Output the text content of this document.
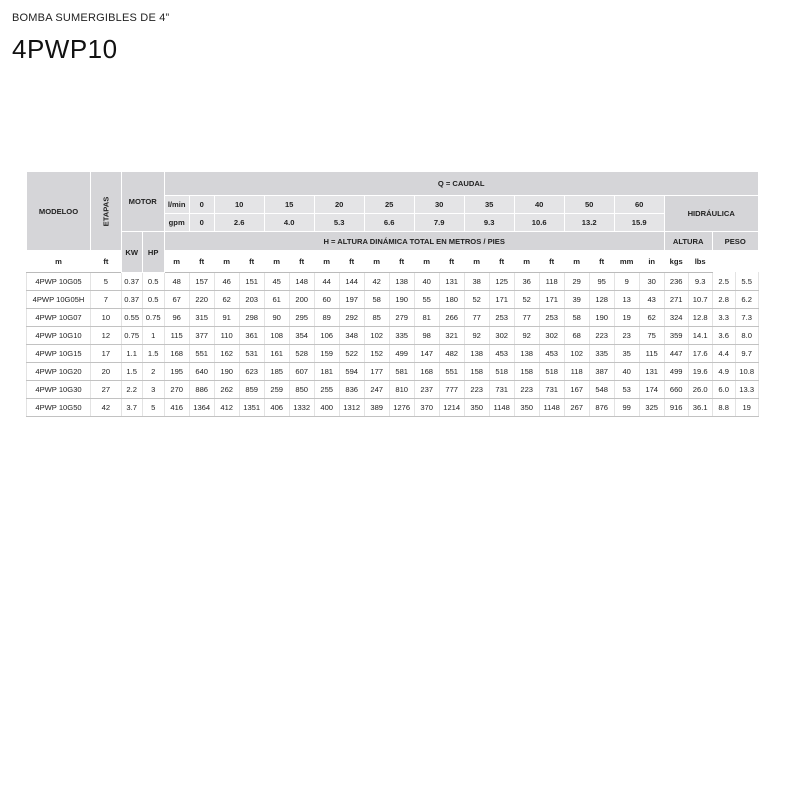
BOMBA SUMERGIBLES DE 4”
4PWP10
MODELOO	ETAPAS	MOTOR		Q = CAUDAL																							
				l/min	0	10		15		20		25		30		35		40		50		60		HIDRÁULICA			
				gpm	0	2.6		4.0		5.3		6.6		7.9		9.3		10.6		13.2		15.9					
		KW	HP	H = ALTURA DINÁMICA TOTAL EN METROS / PIES																				ALTURA		PESO	
m	ft			m	ft	m	ft	m	ft	m	ft	m	ft	m	ft	m	ft	m	ft	m	ft	mm	in	kgs	lbs		
4PWP 10G05	5	0.37	0.5	48	157	46	151	45	148	44	144	42	138	40	131	38	125	36	118	29	95	9	30	236	9.3	2.5	5.5
4PWP 10G05H	7	0.37	0.5	67	220	62	203	61	200	60	197	58	190	55	180	52	171	52	171	39	128	13	43	271	10.7	2.8	6.2
4PWP 10G07	10	0.55	0.75	96	315	91	298	90	295	89	292	85	279	81	266	77	253	77	253	58	190	19	62	324	12.8	3.3	7.3
4PWP 10G10	12	0.75	1	115	377	110	361	108	354	106	348	102	335	98	321	92	302	92	302	68	223	23	75	359	14.1	3.6	8.0
4PWP 10G15	17	1.1	1.5	168	551	162	531	161	528	159	522	152	499	147	482	138	453	138	453	102	335	35	115	447	17.6	4.4	9.7
4PWP 10G20	20	1.5	2	195	640	190	623	185	607	181	594	177	581	168	551	158	518	158	518	118	387	40	131	499	19.6	4.9	10.8
4PWP 10G30	27	2.2	3	270	886	262	859	259	850	255	836	247	810	237	777	223	731	223	731	167	548	53	174	660	26.0	6.0	13.3
4PWP 10G50	42	3.7	5	416	1364	412	1351	406	1332	400	1312	389	1276	370	1214	350	1148	350	1148	267	876	99	325	916	36.1	8.8	19
